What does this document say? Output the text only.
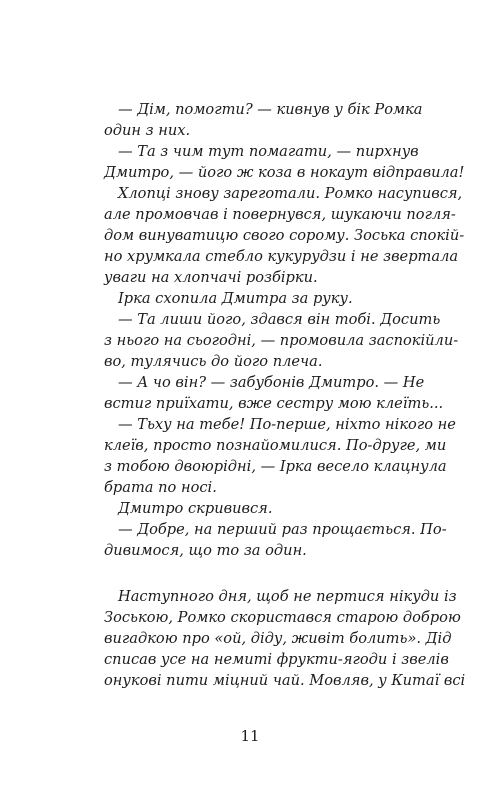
— Дім, помогти? — кивнув у бік Ромка
один з них.
— Та з чим тут помагати, — пирхнув
Дмитро, — його ж коза в нокаут відправила!
Хлопці знову зареготали. Ромко насупився,
але промовчав і повернувся, шукаючи погля-
дом винуватицю свого сорому. Зоська спокій-
но хрумкала стебло кукурудзи і не звертала
уваги на хлопчачі розбірки.
Ірка схопила Дмитра за руку.
— Та лиши його, здався він тобі. Досить
з нього на сьогодні, — промовила заспокійли-
во, тулячись до його плеча.
— А чо він? — забубонів Дмитро. — Не
встиг приїхати, вже сестру мою клеїть...
— Тьху на тебе! По-перше, ніхто нікого не
клеїв, просто познайомилися. По-друге, ми
з тобою двоюрідні, — Ірка весело клацнула
брата по носі.
Дмитро скривився.
— Добре, на перший раз прощається. По-
дивимося, що то за один.
Наступного дня, щоб не пертися нікуди із
Зоською, Ромко скористався старою доброю
вигадкою про «ой, діду, живіт болить». Дід
списав усе на немиті фрукти-ягоди і звелів
онукові пити міцний чай. Мовляв, у Китаї всі
11
